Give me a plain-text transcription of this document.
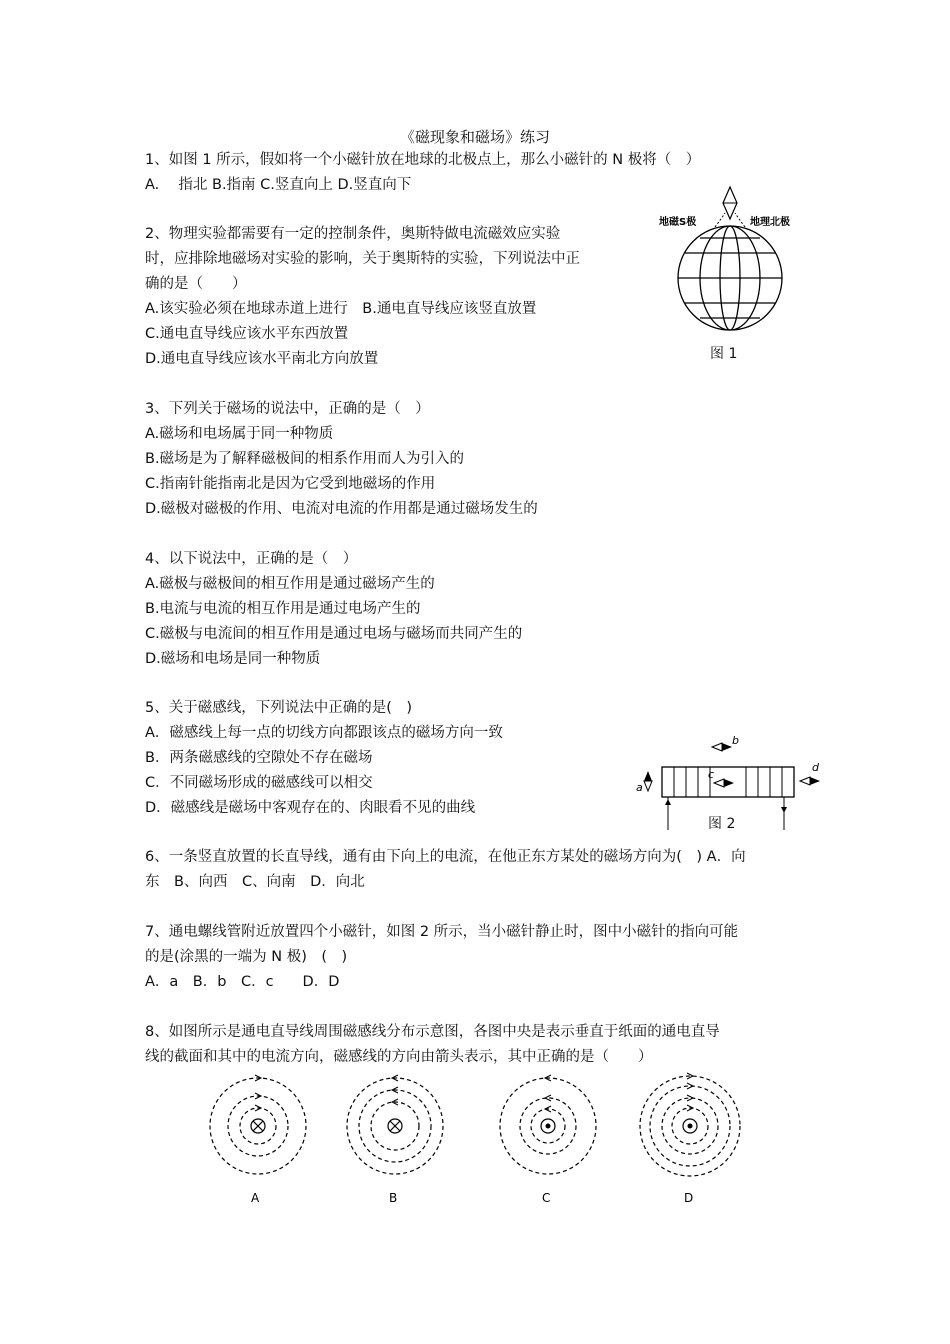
《磁现象和磁场》练习
1、如图 1 所示，假如将一个小磁针放在地球的北极点上，那么小磁针的 N 极将（　）
A.　 指北 B.指南 C.竖直向上 D.竖直向下
2、物理实验都需要有一定的控制条件，奥斯特做电流磁效应实验
时，应排除地磁场对实验的影响，关于奥斯特的实验，下列说法中正
确的是（　　）
A.该实验必须在地球赤道上进行　B.通电直导线应该竖直放置
C.通电直导线应该水平东西放置
D.通电直导线应该水平南北方向放置
3、下列关于磁场的说法中，正确的是（　）
A.磁场和电场属于同一种物质
B.磁场是为了解释磁极间的相系作用而人为引入的
C.指南针能指南北是因为它受到地磁场的作用
D.磁极对磁极的作用、电流对电流的作用都是通过磁场发生的
4、以下说法中，正确的是（　）
A.磁极与磁极间的相互作用是通过磁场产生的
B.电流与电流的相互作用是通过电场产生的
C.磁极与电流间的相互作用是通过电场与磁场而共同产生的
D.磁场和电场是同一种物质
5、关于磁感线，下列说法中正确的是(　)
A．磁感线上每一点的切线方向都跟该点的磁场方向一致
B．两条磁感线的空隙处不存在磁场
C．不同磁场形成的磁感线可以相交
D．磁感线是磁场中客观存在的、肉眼看不见的曲线
6、一条竖直放置的长直导线，通有由下向上的电流，在他正东方某处的磁场方向为(　) A．向
东　B、向西　C、向南　D．向北
7、通电螺线管附近放置四个小磁针，如图 2 所示，当小磁针静止时，图中小磁针的指向可能
的是(涂黑的一端为 N 极)　(　)
A．a　B．b　C．c　　D．D
8、如图所示是通电直导线周围磁感线分布示意图，各图中央是表示垂直于纸面的通电直导
线的截面和其中的电流方向，磁感线的方向由箭头表示，其中正确的是（　　）
地磁S极	地理北极
图 1
a
b
c
d
图 2
A	B	C	D
